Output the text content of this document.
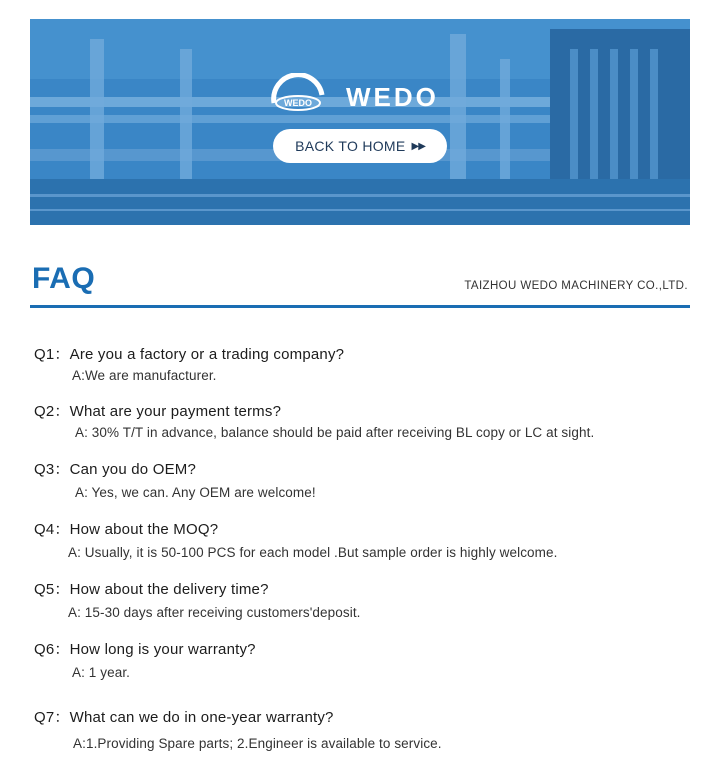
WEDO WEDO
BACK TO HOME ▶▶
FAQ	TAIZHOU WEDO MACHINERY CO.,LTD.
Q1：Are you a factory or a trading company?
A:We are manufacturer.
Q2：What are your payment terms?
A: 30% T/T in advance, balance should be paid after receiving BL copy or LC at sight.
Q3：Can you do OEM?
A: Yes, we can. Any OEM are welcome!
Q4：How about the MOQ?
A: Usually, it is 50-100 PCS for each model .But sample order is highly welcome.
Q5：How about the delivery time?
A: 15-30 days after receiving customers'deposit.
Q6：How long is your warranty?
A: 1 year.
Q7：What can we do in one-year warranty?
A:1.Providing Spare parts; 2.Engineer is available to service.
